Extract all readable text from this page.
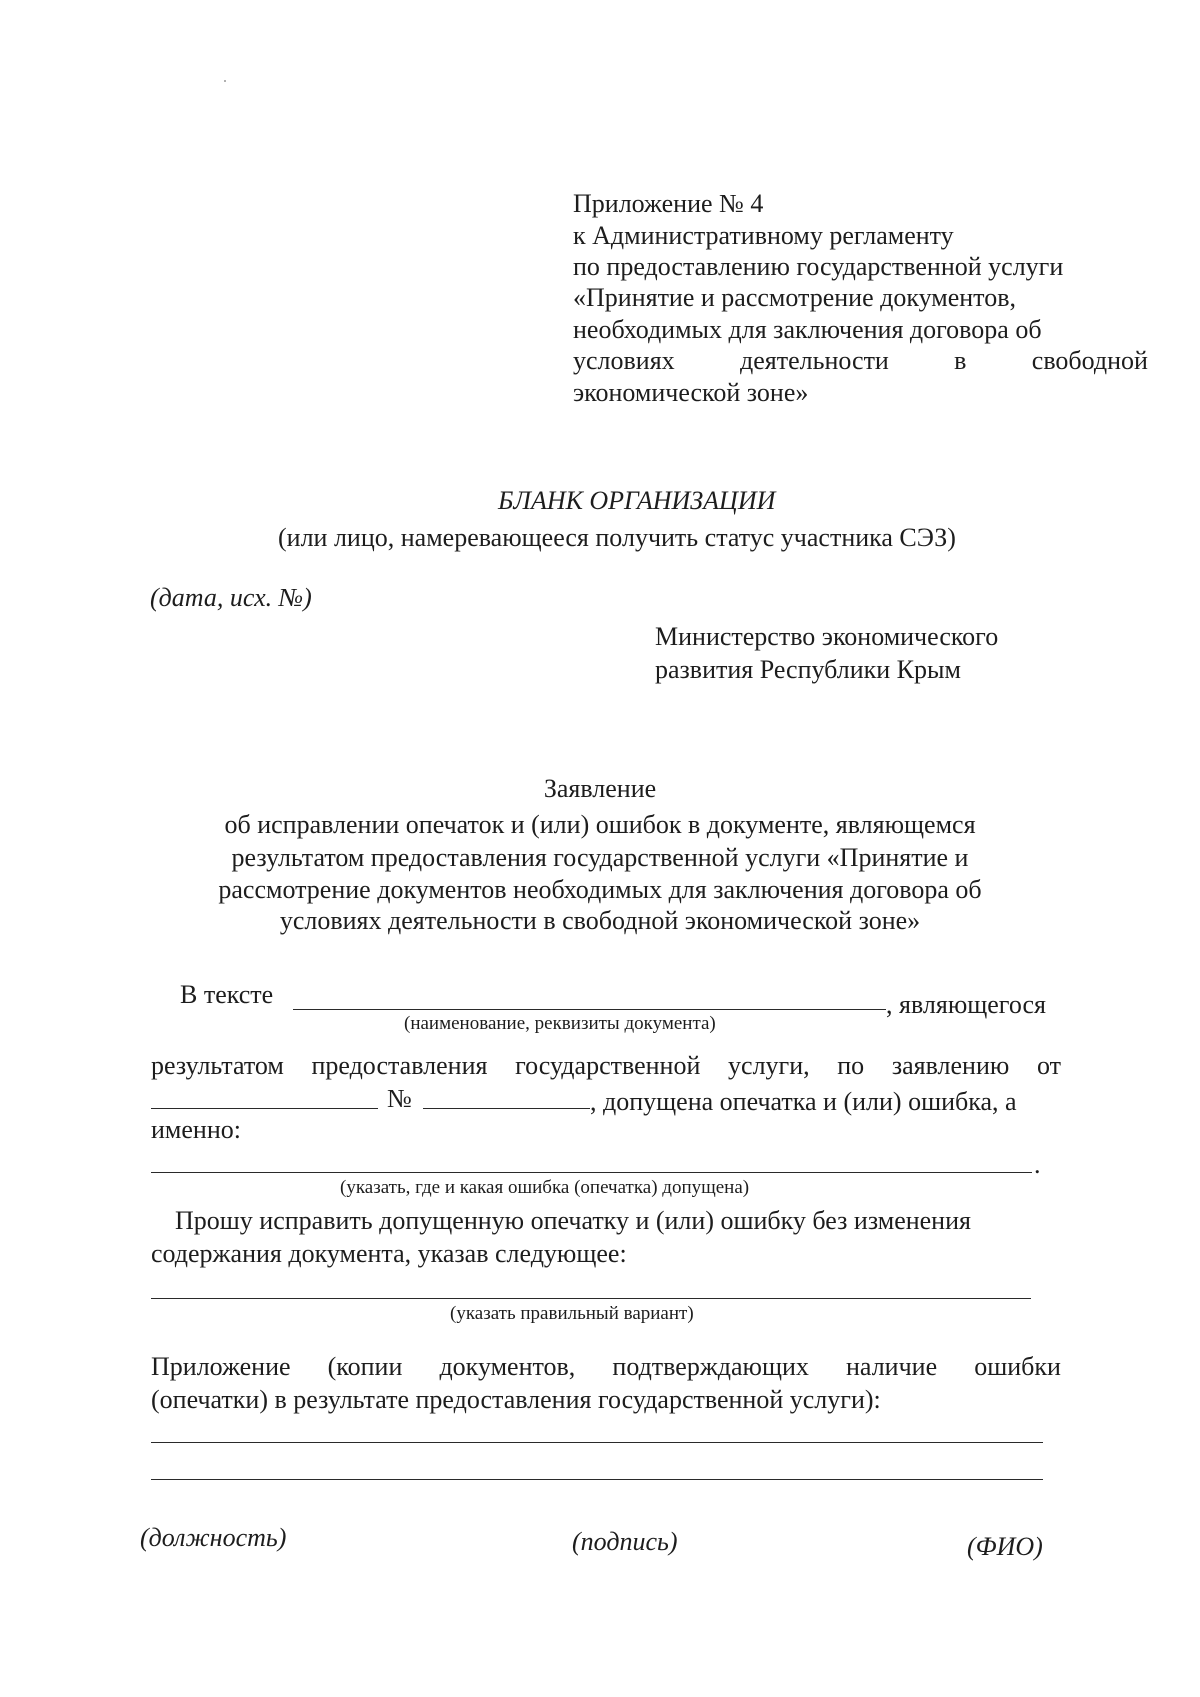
Приложение № 4
к Административному регламенту
по предоставлению государственной услуги
«Принятие и рассмотрение документов,
необходимых для заключения договора об
условиях	деятельности	в	свободной
экономической зоне»
БЛАНК ОРГАНИЗАЦИИ
(или лицо, намеревающееся получить статус участника СЭЗ)
(дата, исх. №)
Министерство экономического
развития Республики Крым
Заявление
об исправлении опечаток и (или) ошибок в документе, являющемся
результатом предоставления государственной услуги «Принятие и
рассмотрение документов необходимых для заключения договора об
условиях деятельности в свободной экономической зоне»
В тексте	, являющегося
(наименование, реквизиты документа)
результатом предоставления государственной услуги, по заявлению от
№	, допущена опечатка и (или) ошибка, а
именно:
.
(указать, где и какая ошибка (опечатка) допущена)
Прошу исправить допущенную опечатку и (или) ошибку без изменения
содержания документа, указав следующее:
(указать правильный вариант)
Приложение (копии документов, подтверждающих наличие ошибки
(опечатки) в результате предоставления государственной услуги):
(должность)	(подпись)	(ФИО)
